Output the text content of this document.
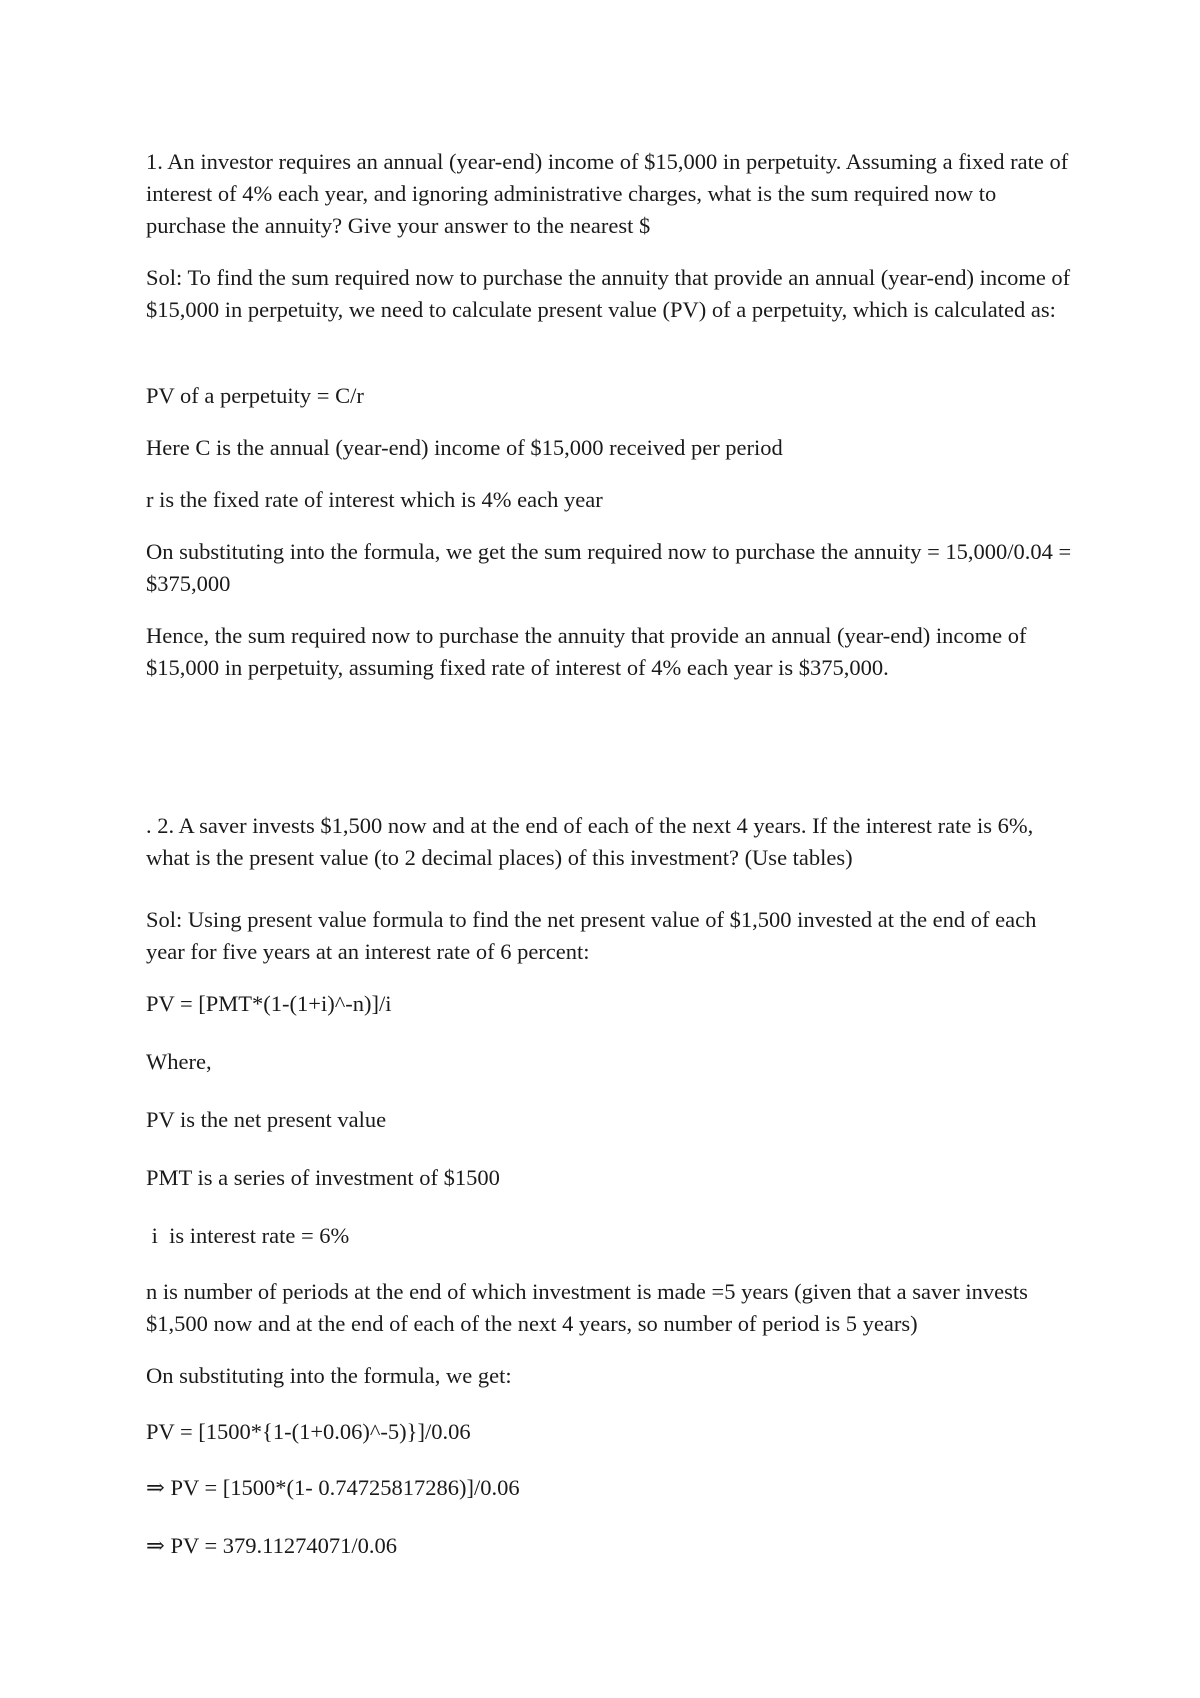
1. An investor requires an annual (year-end) income of $15,000 in perpetuity. Assuming a fixed rate of interest of 4% each year, and ignoring administrative charges, what is the sum required now to purchase the annuity? Give your answer to the nearest $

Sol: To find the sum required now to purchase the annuity that provide an annual (year-end) income of $15,000 in perpetuity, we need to calculate present value (PV) of a perpetuity, which is calculated as:

PV of a perpetuity = C/r

Here C is the annual (year-end) income of $15,000 received per period

r is the fixed rate of interest which is 4% each year

On substituting into the formula, we get the sum required now to purchase the annuity = 15,000/0.04 = $375,000

Hence, the sum required now to purchase the annuity that provide an annual (year-end) income of $15,000 in perpetuity, assuming fixed rate of interest of 4% each year is $375,000.

. 2. A saver invests $1,500 now and at the end of each of the next 4 years. If the interest rate is 6%, what is the present value (to 2 decimal places) of this investment? (Use tables)

Sol: Using present value formula to find the net present value of $1,500 invested at the end of each year for five years at an interest rate of 6 percent:

PV = [PMT*(1-(1+i)^-n)]/i

Where,

PV is the net present value

PMT is a series of investment of $1500

i  is interest rate = 6%

n is number of periods at the end of which investment is made =5 years (given that a saver invests $1,500 now and at the end of each of the next 4 years, so number of period is 5 years)

On substituting into the formula, we get:

PV = [1500*{1-(1+0.06)^-5)}]/0.06

⇒ PV = [1500*(1- 0.74725817286)]/0.06

⇒ PV = 379.11274071/0.06
